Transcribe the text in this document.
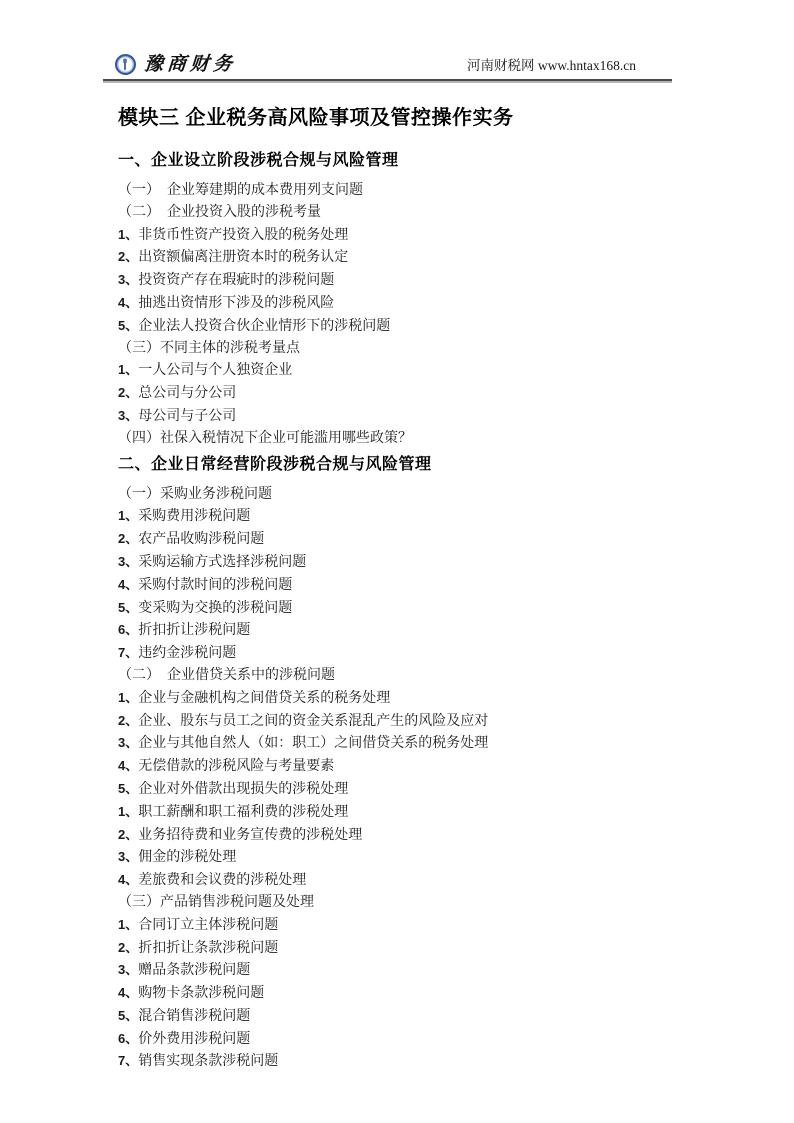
豫商财务	河南财税网 www.hntax168.cn
模块三 企业税务高风险事项及管控操作实务
一、企业设立阶段涉税合规与风险管理
（一）　企业筹建期的成本费用列支问题
（二）　企业投资入股的涉税考量
1、非货币性资产投资入股的税务处理
2、出资额偏离注册资本时的税务认定
3、投资资产存在瑕疵时的涉税问题
4、抽逃出资情形下涉及的涉税风险
5、企业法人投资合伙企业情形下的涉税问题
（三）不同主体的涉税考量点
1、一人公司与个人独资企业
2、总公司与分公司
3、母公司与子公司
（四）社保入税情况下企业可能滥用哪些政策？
二、企业日常经营阶段涉税合规与风险管理
（一）采购业务涉税问题
1、采购费用涉税问题
2、农产品收购涉税问题
3、采购运输方式选择涉税问题
4、采购付款时间的涉税问题
5、变采购为交换的涉税问题
6、折扣折让涉税问题
7、违约金涉税问题
（二）　企业借贷关系中的涉税问题
1、企业与金融机构之间借贷关系的税务处理
2、企业、股东与员工之间的资金关系混乱产生的风险及应对
3、企业与其他自然人（如：职工）之间借贷关系的税务处理
4、无偿借款的涉税风险与考量要素
5、企业对外借款出现损失的涉税处理
1、职工薪酬和职工福利费的涉税处理
2、业务招待费和业务宣传费的涉税处理
3、佣金的涉税处理
4、差旅费和会议费的涉税处理
（三）产品销售涉税问题及处理
1、合同订立主体涉税问题
2、折扣折让条款涉税问题
3、赠品条款涉税问题
4、购物卡条款涉税问题
5、混合销售涉税问题
6、价外费用涉税问题
7、销售实现条款涉税问题
